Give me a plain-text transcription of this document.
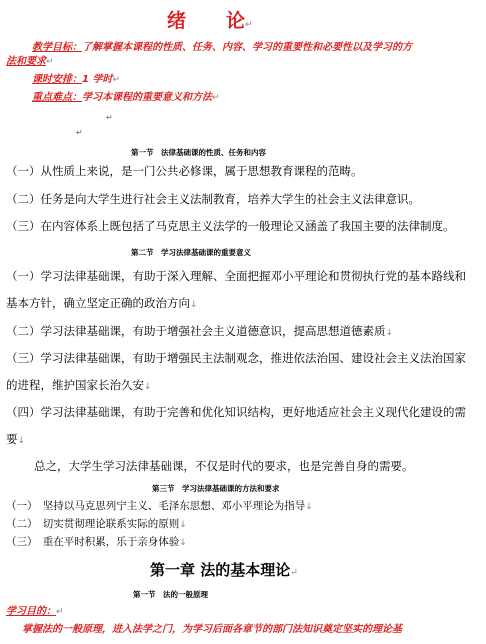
绪 论↵
教学目标：了解掌握本课程的性质、任务、内容、学习的重要性和必要性以及学习的方
法和要求↵
课时安排：1 学时↵
重点难点：学习本课程的重要意义和方法↵
↵
↵
第一节　法律基础课的性质、任务和内容
（一）从性质上来说，是一门公共必修课，属于思想教育课程的范畴。
（二）任务是向大学生进行社会主义法制教育，培养大学生的社会主义法律意识。
（三）在内容体系上既包括了马克思主义法学的一般理论又涵盖了我国主要的法律制度。
第二节　学习法律基础课的重要意义
（一）学习法律基础课，有助于深入理解、全面把握邓小平理论和贯彻执行党的基本路线和
基本方针，确立坚定正确的政治方向↓
（二）学习法律基础课，有助于增强社会主义道德意识，提高思想道德素质↓
（三）学习法律基础课，有助于增强民主法制观念，推进依法治国、建设社会主义法治国家
的进程，维护国家长治久安↓
（四）学习法律基础课，有助于完善和优化知识结构，更好地适应社会主义现代化建设的需
要↓
总之，大学生学习法律基础课，不仅是时代的要求，也是完善自身的需要。
第三节　学习法律基础课的方法和要求
（一）　坚持以马克思列宁主义、毛泽东思想、邓小平理论为指导↓
（二）　切实贯彻理论联系实际的原则↓
（三）　重在平时积累，乐于亲身体验↓
第一章 法的基本理论↵
第一节　法的一般原理
学习目的：↵
掌握法的一般原理，进入法学之门，为学习后面各章节的部门法知识奠定坚实的理论基
